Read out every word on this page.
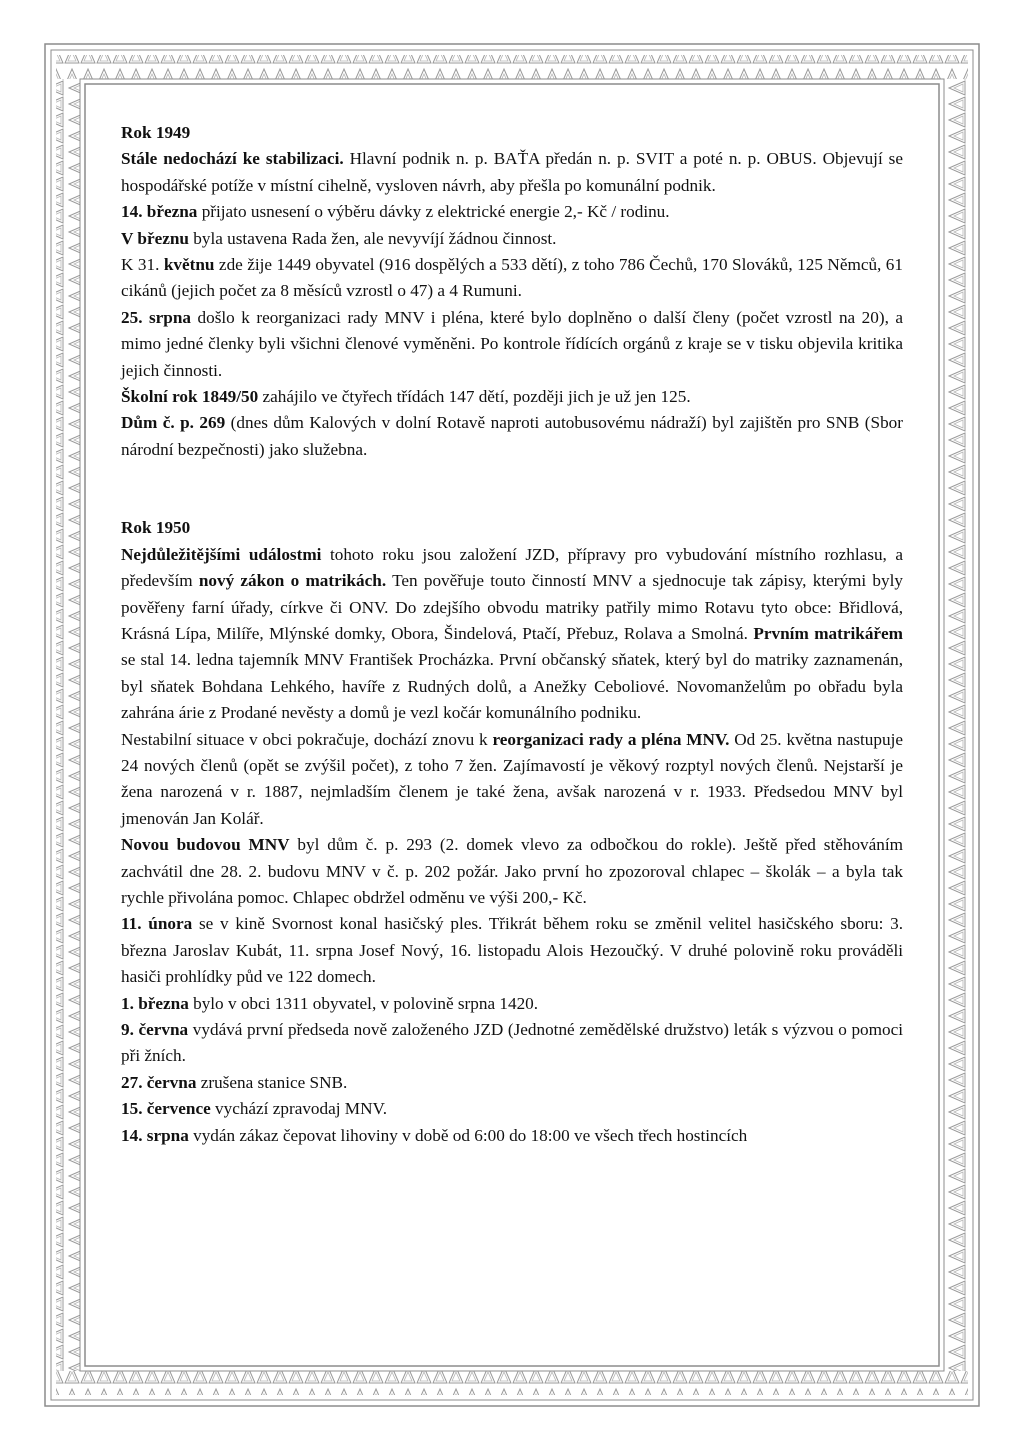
Rok 1949

Stále nedochází ke stabilizaci. Hlavní podnik n. p. BAŤA předán n. p. SVIT a poté n. p. OBUS. Objevují se hospodářské potíže v místní cihelně, vysloven návrh, aby přešla po komunální podnik.

14. března přijato usnesení o výběru dávky z elektrické energie 2,- Kč / rodinu.

V březnu byla ustavena Rada žen, ale nevyvíjí žádnou činnost.

K 31. květnu zde žije 1449 obyvatel (916 dospělých a 533 dětí), z toho 786 Čechů, 170 Slováků, 125 Němců, 61 cikánů (jejich počet za 8 měsíců vzrostl o 47) a 4 Rumuni.

25. srpna došlo k reorganizaci rady MNV i pléna, které bylo doplněno o další členy (počet vzrostl na 20), a mimo jedné členky byli všichni členové vyměněni. Po kontrole řídících orgánů z kraje se v tisku objevila kritika jejich činnosti.

Školní rok 1849/50 zahájilo ve čtyřech třídách 147 dětí, později jich je už jen 125.

Dům č. p. 269 (dnes dům Kalových v dolní Rotavě naproti autobusovému nádraží) byl zajištěn pro SNB (Sbor národní bezpečnosti) jako služebna.

Rok 1950

Nejdůležitějšími událostmi tohoto roku jsou založení JZD, přípravy pro vybudování místního rozhlasu, a především nový zákon o matrikách. Ten pověřuje touto činností MNV a sjednocuje tak zápisy, kterými byly pověřeny farní úřady, církve či ONV. Do zdejšího obvodu matriky patřily mimo Rotavu tyto obce: Břidlová, Krásná Lípa, Milíře, Mlýnské domky, Obora, Šindelová, Ptačí, Přebuz, Rolava a Smolná. Prvním matrikářem se stal 14. ledna tajemník MNV František Procházka. První občanský sňatek, který byl do matriky zaznamenán, byl sňatek Bohdana Lehkého, havíře z Rudných dolů, a Anežky Ceboliové. Novomanželům po obřadu byla zahrána árie z Prodané nevěsty a domů je vezl kočár komunálního podniku.

Nestabilní situace v obci pokračuje, dochází znovu k reorganizaci rady a pléna MNV. Od 25. května nastupuje 24 nových členů (opět se zvýšil počet), z toho 7 žen. Zajímavostí je věkový rozptyl nových členů. Nejstarší je žena narozená v r. 1887, nejmladším členem je také žena, avšak narozená v r. 1933. Předsedou MNV byl jmenován Jan Kolář.

Novou budovou MNV byl dům č. p. 293 (2. domek vlevo za odbočkou do rokle). Ještě před stěhováním zachvátil dne 28. 2. budovu MNV v č. p. 202 požár. Jako první ho zpozoroval chlapec – školák – a byla tak rychle přivolána pomoc. Chlapec obdržel odměnu ve výši 200,- Kč.

11. února se v kině Svornost konal hasičský ples. Třikrát během roku se změnil velitel hasičského sboru: 3. března Jaroslav Kubát, 11. srpna Josef Nový, 16. listopadu Alois Hezoučký. V druhé polovině roku prováděli hasiči prohlídky půd ve 122 domech.

1. března bylo v obci 1311 obyvatel, v polovině srpna 1420.

9. června vydává první předseda nově založeného JZD (Jednotné zemědělské družstvo) leták s výzvou o pomoci při žních.

27. června zrušena stanice SNB.

15. července vychází zpravodaj MNV.

14. srpna vydán zákaz čepovat lihoviny v době od 6:00 do 18:00 ve všech třech hostincích
